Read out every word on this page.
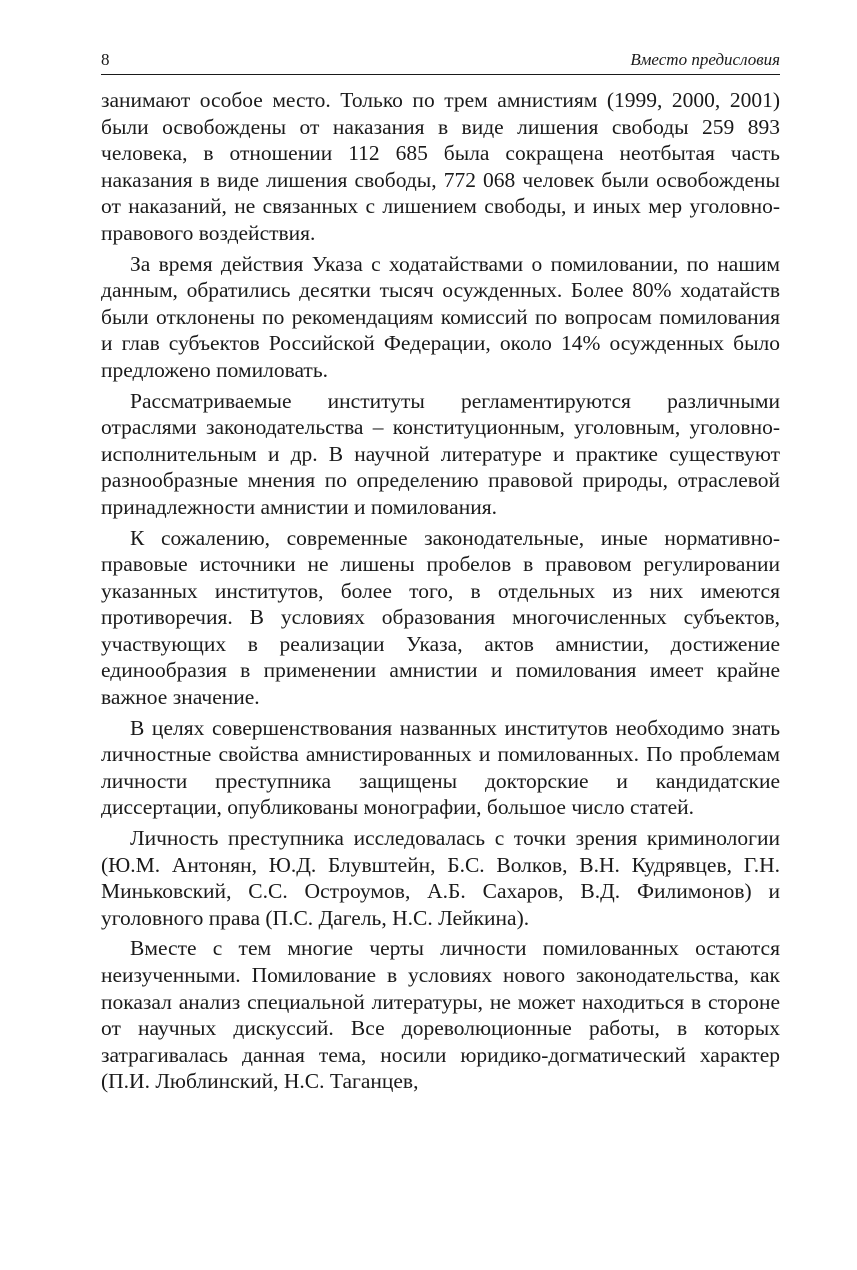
8	Вместо предисловия

занимают особое место. Только по трем амнистиям (1999, 2000, 2001) были освобождены от наказания в виде лишения свободы 259 893 человека, в отношении 112 685 была сокращена неотбытая часть наказания в виде лишения свободы, 772 068 человек были освобождены от наказаний, не связанных с лишением свободы, и иных мер уголовно-правового воздействия.

За время действия Указа с ходатайствами о помиловании, по нашим данным, обратились десятки тысяч осужденных. Более 80% ходатайств были отклонены по рекомендациям комиссий по вопросам помилования и глав субъектов Российской Федерации, около 14% осужденных было предложено помиловать.

Рассматриваемые институты регламентируются различными отраслями законодательства – конституционным, уголовным, уголовно-исполнительным и др. В научной литературе и практике существуют разнообразные мнения по определению правовой природы, отраслевой принадлежности амнистии и помилования.

К сожалению, современные законодательные, иные нормативно-правовые источники не лишены пробелов в правовом регулировании указанных институтов, более того, в отдельных из них имеются противоречия. В условиях образования многочисленных субъектов, участвующих в реализации Указа, актов амнистии, достижение единообразия в применении амнистии и помилования имеет крайне важное значение.

В целях совершенствования названных институтов необходимо знать личностные свойства амнистированных и помилованных. По проблемам личности преступника защищены докторские и кандидатские диссертации, опубликованы монографии, большое число статей.

Личность преступника исследовалась с точки зрения криминологии (Ю.М. Антонян, Ю.Д. Блувштейн, Б.С. Волков, В.Н. Кудрявцев, Г.Н. Миньковский, С.С. Остроумов, А.Б. Сахаров, В.Д. Филимонов) и уголовного права (П.С. Дагель, Н.С. Лейкина).

Вместе с тем многие черты личности помилованных остаются неизученными. Помилование в условиях нового законодательства, как показал анализ специальной литературы, не может находиться в стороне от научных дискуссий. Все дореволюционные работы, в которых затрагивалась данная тема, носили юридико-догматический характер (П.И. Люблинский, Н.С. Таганцев,
